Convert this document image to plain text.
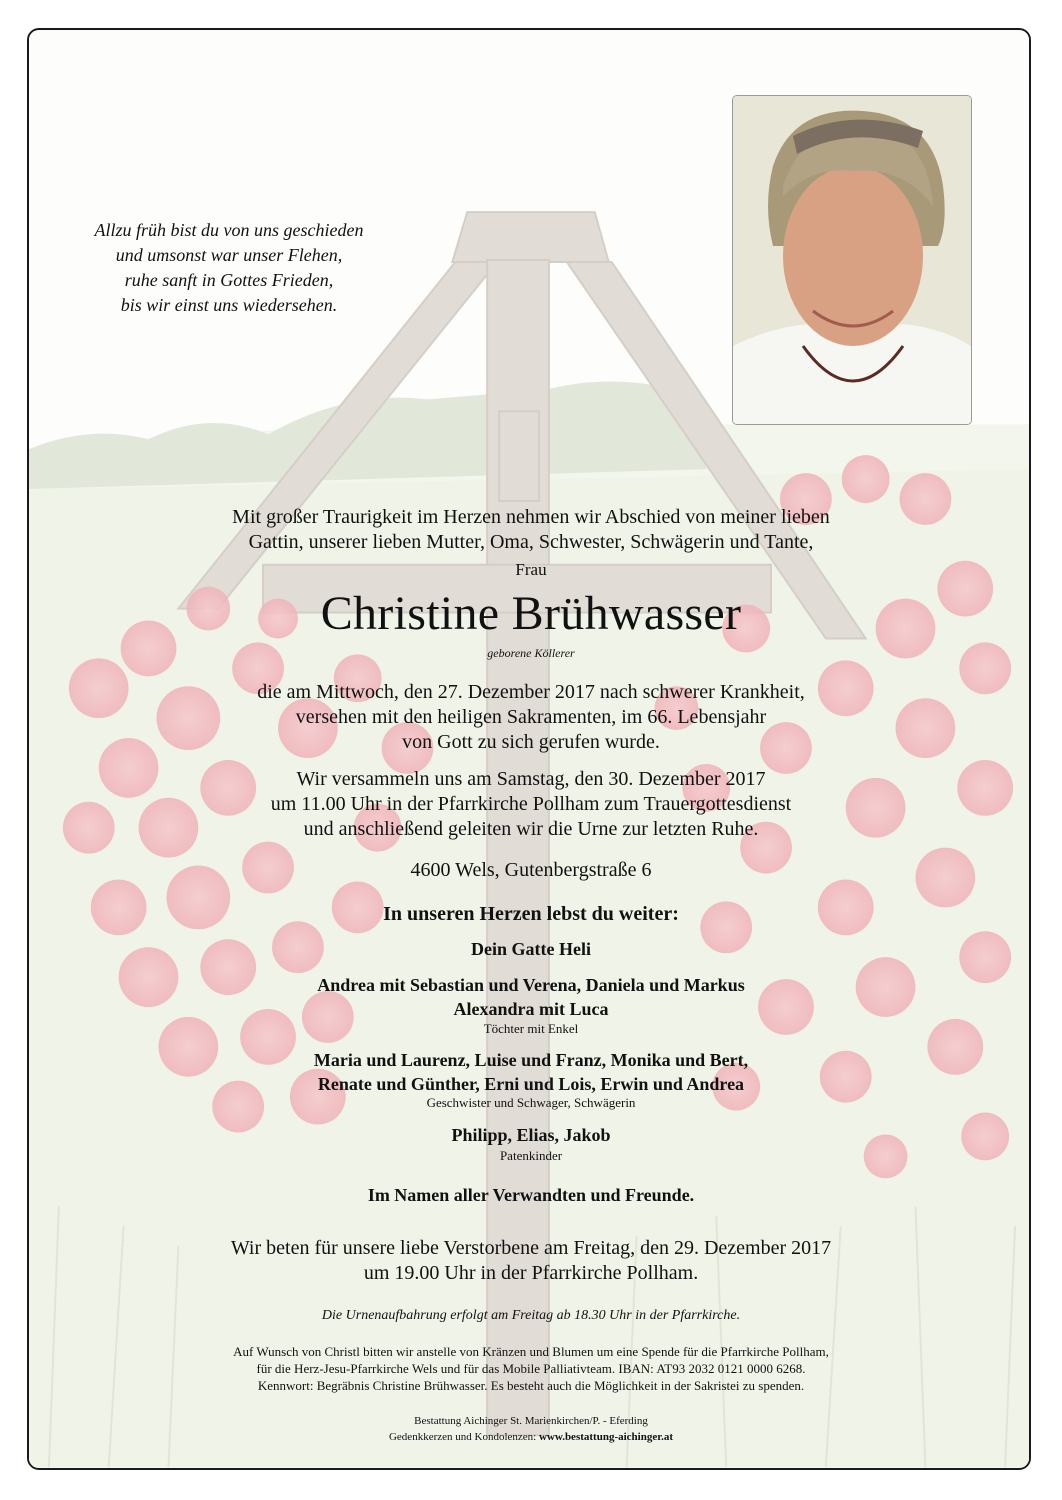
Allzu früh bist du von uns geschieden
und umsonst war unser Flehen,
ruhe sanft in Gottes Frieden,
bis wir einst uns wiedersehen.
Mit großer Traurigkeit im Herzen nehmen wir Abschied von meiner lieben
Gattin, unserer lieben Mutter, Oma, Schwester, Schwägerin und Tante,
Frau
Christine Brühwasser
geborene Köllerer
die am Mittwoch, den 27. Dezember 2017 nach schwerer Krankheit,
versehen mit den heiligen Sakramenten, im 66. Lebensjahr
von Gott zu sich gerufen wurde.
Wir versammeln uns am Samstag, den 30. Dezember 2017
um 11.00 Uhr in der Pfarrkirche Pollham zum Trauergottesdienst
und anschließend geleiten wir die Urne zur letzten Ruhe.
4600 Wels, Gutenbergstraße 6
In unseren Herzen lebst du weiter:
Dein Gatte Heli
Andrea mit Sebastian und Verena, Daniela und Markus
Alexandra mit Luca
Töchter mit Enkel
Maria und Laurenz, Luise und Franz, Monika und Bert,
Renate und Günther, Erni und Lois, Erwin und Andrea
Geschwister und Schwager, Schwägerin
Philipp, Elias, Jakob
Patenkinder
Im Namen aller Verwandten und Freunde.
Wir beten für unsere liebe Verstorbene am Freitag, den 29. Dezember 2017
um 19.00 Uhr in der Pfarrkirche Pollham.
Die Urnenaufbahrung erfolgt am Freitag ab 18.30 Uhr in der Pfarrkirche.
Auf Wunsch von Christl bitten wir anstelle von Kränzen und Blumen um eine Spende für die Pfarrkirche Pollham,
für die Herz-Jesu-Pfarrkirche Wels und für das Mobile Palliativteam. IBAN: AT93 2032 0121 0000 6268.
Kennwort: Begräbnis Christine Brühwasser. Es besteht auch die Möglichkeit in der Sakristei zu spenden.
Bestattung Aichinger St. Marienkirchen/P. - Eferding
Gedenkkerzen und Kondolenzen: www.bestattung-aichinger.at
